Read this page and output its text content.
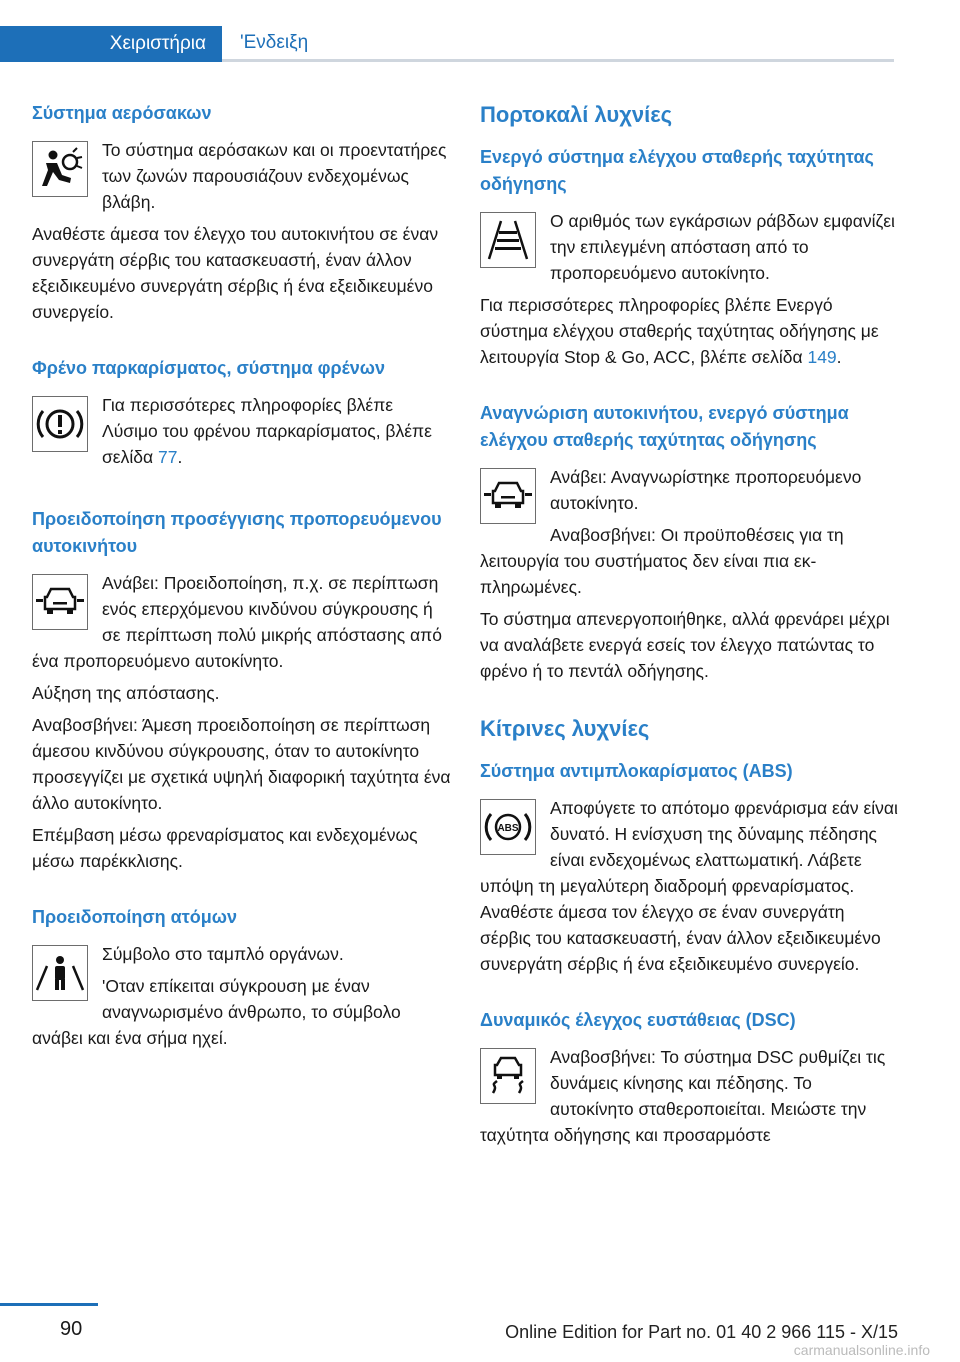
Χειριστήρια 'Ενδειξη
Σύστημα αερόσακων
Το σύστημα αερόσακων και οι προεντατήρες των ζωνών παρουσιάζουν ενδεχομένως βλάβη.
Αναθέστε άμεσα τον έλεγχο του αυτοκινήτου σε έναν συνεργάτη σέρβις του κατασκευαστή, έναν άλλον εξειδικευμένο συνεργάτη σέρβις ή ένα εξειδικευμένο συνεργείο.
Φρένο παρκαρίσματος, σύστημα φρένων
Για περισσότερες πληροφορίες βλέπε Λύσιμο του φρένου παρκαρίσματος, βλέπε σελίδα 77.
Προειδοποίηση προσέγγισης προπορευόμενου αυτοκινήτου
Ανάβει: Προειδοποίηση, π.χ. σε περίπτωση ενός επερχόμενου κινδύνου σύγκρουσης ή σε περίπτωση πολύ μικρής απόστασης από ένα προπορευόμενο αυτοκίνητο.
Αύξηση της απόστασης.
Αναβοσβήνει: Άμεση προειδοποίηση σε περίπτωση άμεσου κινδύνου σύγκρουσης, όταν το αυτοκίνητο προσεγγίζει με σχετικά υψηλή διαφορική ταχύτητα ένα άλλο αυτοκίνητο.
Επέμβαση μέσω φρεναρίσματος και ενδεχομένως μέσω παρέκκλισης.
Προειδοποίηση ατόμων
Σύμβολο στο ταμπλό οργάνων.
'Οταν επίκειται σύγκρουση με έναν αναγνωρισμένο άνθρωπο, το σύμβολο ανάβει και ένα σήμα ηχεί.
Πορτοκαλί λυχνίες
Ενεργό σύστημα ελέγχου σταθερής ταχύτητας οδήγησης
Ο αριθμός των εγκάρσιων ράβδων εμφανίζει την επιλεγμένη απόσταση από το προπορευόμενο αυτοκίνητο.
Για περισσότερες πληροφορίες βλέπε Ενεργό σύστημα ελέγχου σταθερής ταχύτητας οδήγησης με λειτουργία Stop & Go, ACC, βλέπε σελίδα 149.
Αναγνώριση αυτοκινήτου, ενεργό σύστημα ελέγχου σταθερής ταχύτητας οδήγησης
Ανάβει: Αναγνωρίστηκε προπορευόμενο αυτοκίνητο.
Αναβοσβήνει: Οι προϋποθέσεις για τη λειτουργία του συστήματος δεν είναι πια εκπληρωμένες.
Το σύστημα απενεργοποιήθηκε, αλλά φρενάρει μέχρι να αναλάβετε ενεργά εσείς τον έλεγχο πατώντας το φρένο ή το πεντάλ οδήγησης.
Κίτρινες λυχνίες
Σύστημα αντιμπλοκαρίσματος (ABS)
ABS
Αποφύγετε το απότομο φρενάρισμα εάν είναι δυνατό. Η ενίσχυση της δύναμης πέδησης είναι ενδεχομένως ελαττωματική. Λάβετε υπόψη τη μεγαλύτερη διαδρομή φρεναρίσματος. Αναθέστε άμεσα τον έλεγχο σε έναν συνεργάτη σέρβις του κατασκευαστή, έναν άλλον εξειδικευμένο συνεργάτη σέρβις ή ένα εξειδικευμένο συνεργείο.
Δυναμικός έλεγχος ευστάθειας (DSC)
Αναβοσβήνει: Το σύστημα DSC ρυθμίζει τις δυνάμεις κίνησης και πέδησης. Το αυτοκίνητο σταθεροποιείται. Μειώστε την ταχύτητα οδήγησης και προσαρμόστε
90	Online Edition for Part no. 01 40 2 966 115 - X/15
carmanualsonline.info
